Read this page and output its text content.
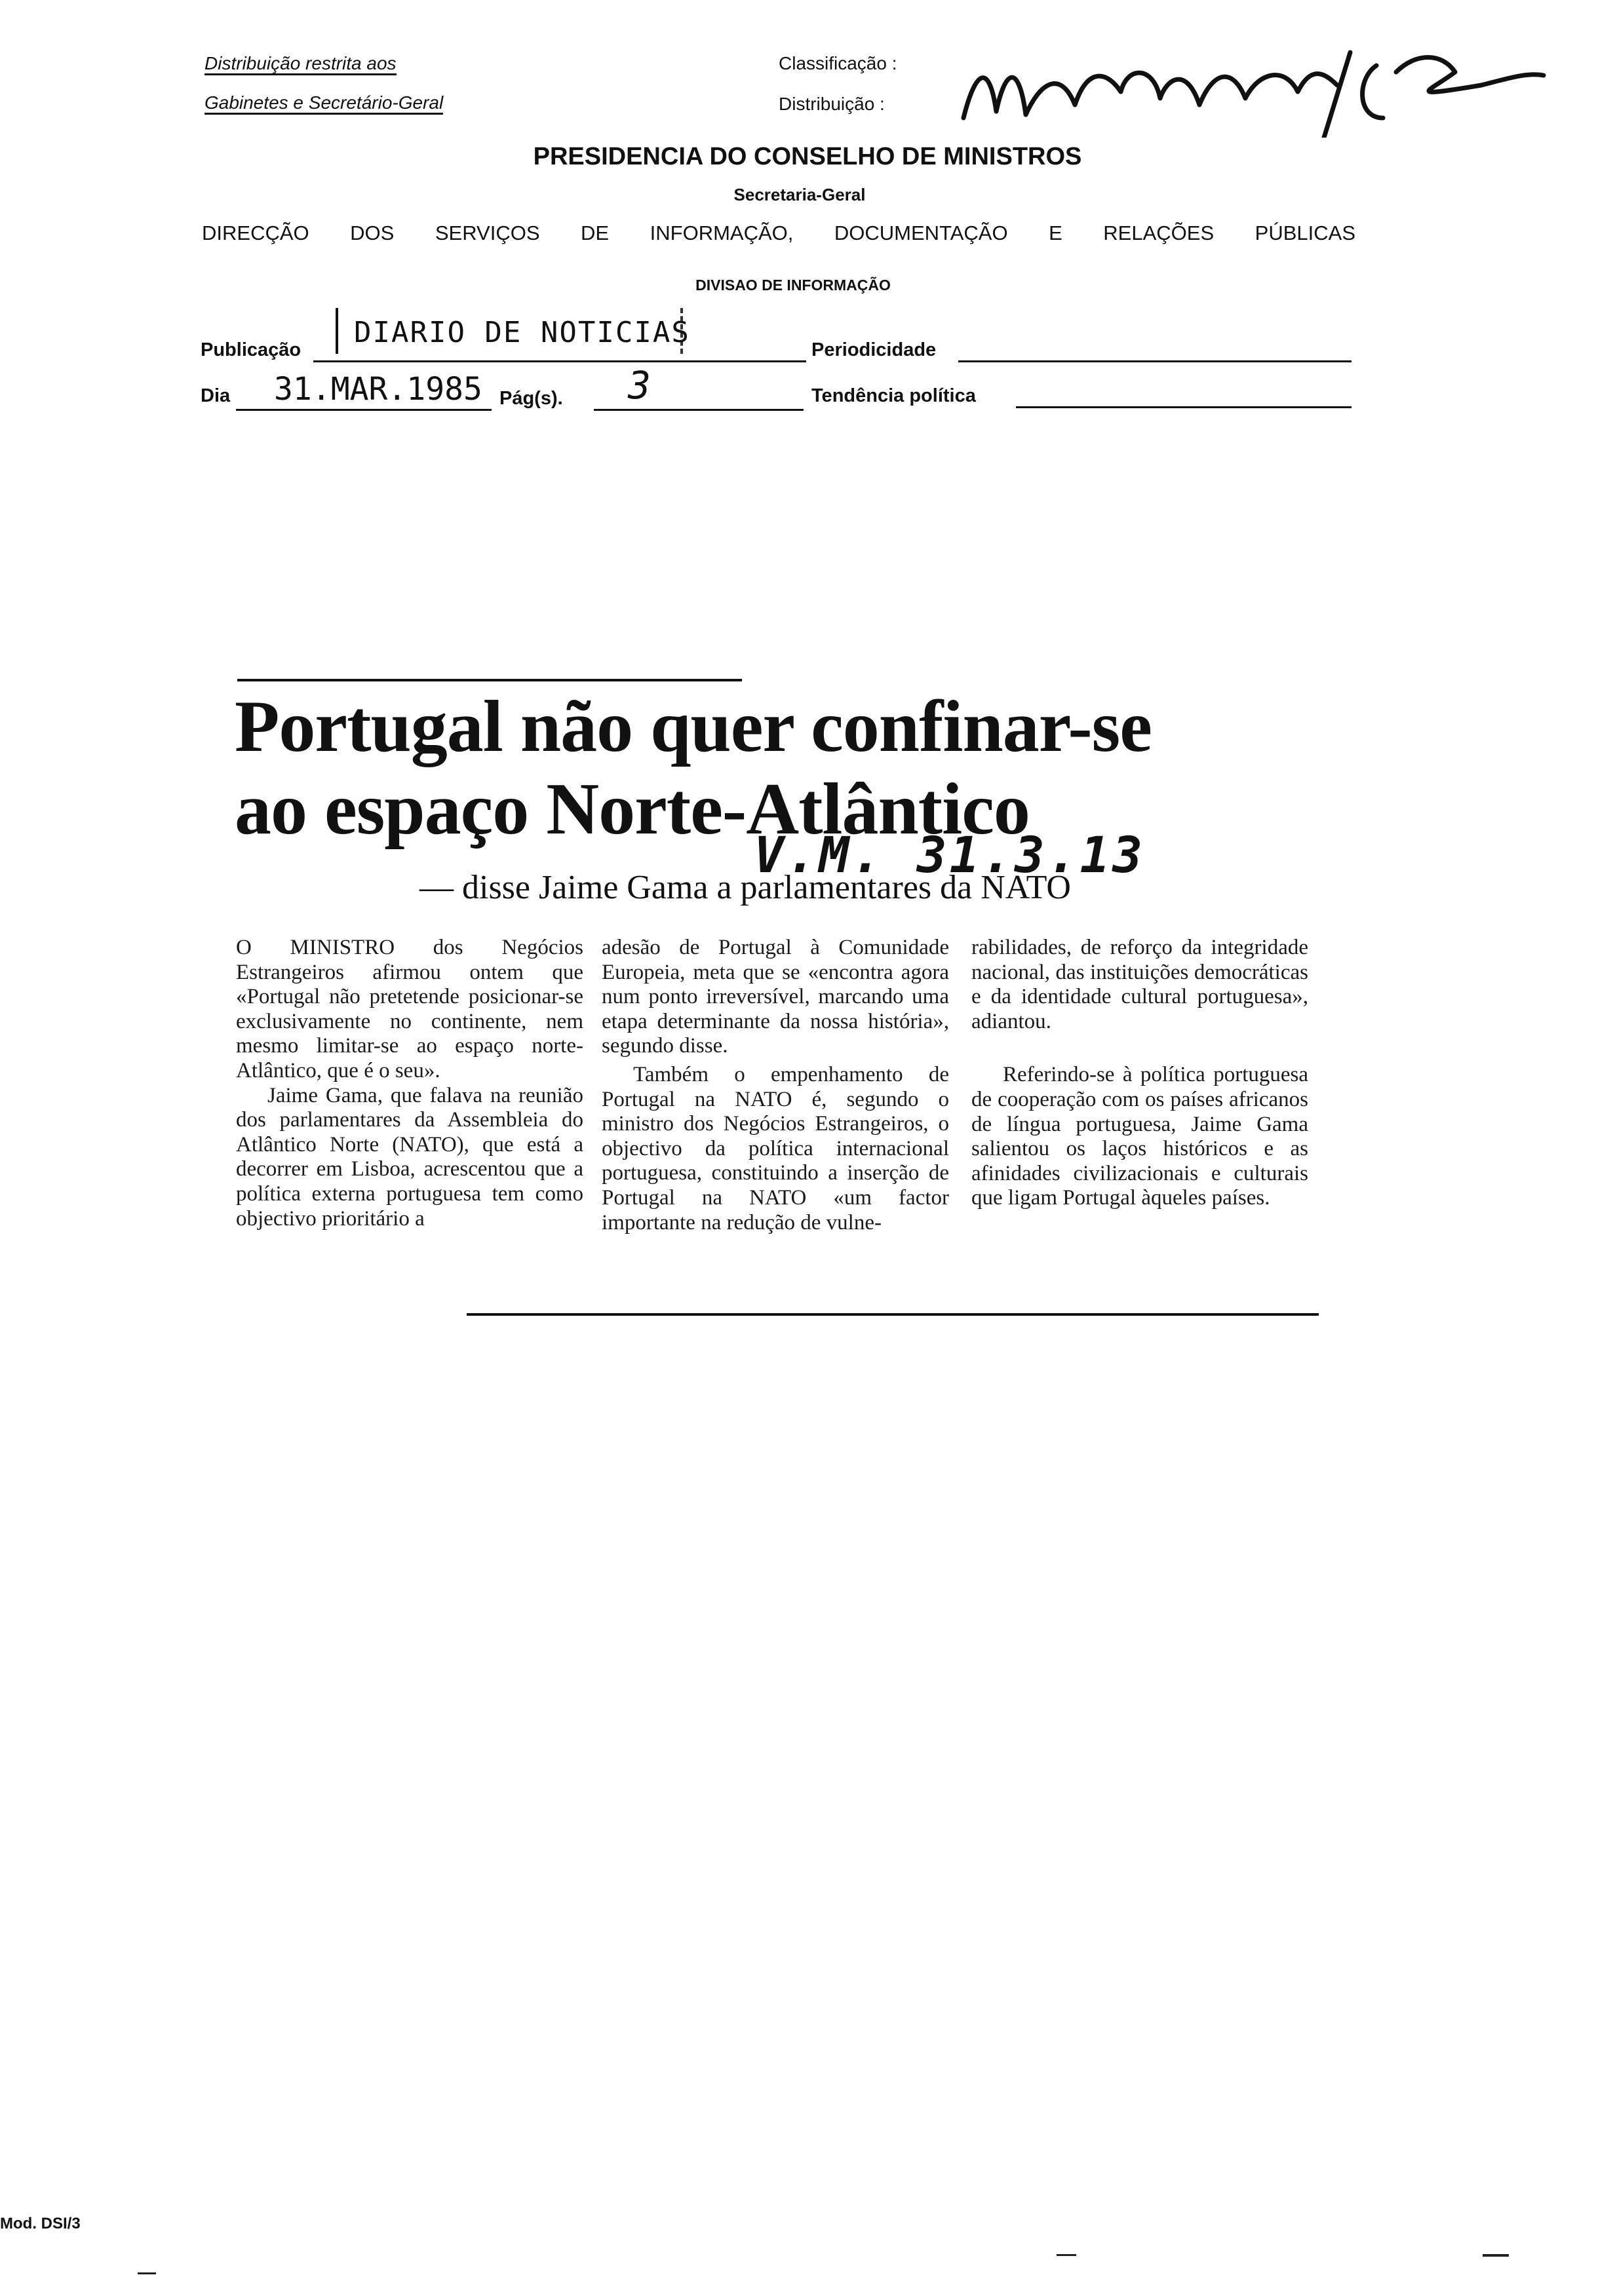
Distribuição restrita aos
Gabinetes e Secretário-Geral
Classificação :
Distribuição :
PRESIDENCIA DO CONSELHO DE MINISTROS
Secretaria-Geral
DIRECÇÃO DOS SERVIÇOS DE INFORMAÇÃO, DOCUMENTAÇÃO E RELAÇÕES PÚBLICAS
DIVISAO DE INFORMAÇÃO
Publicação
DIARIO DE NOTICIAS
Periodicidade
Dia 31.MAR.1985 Pág(s). 3	Tendência política
Portugal não quer confinar-se
ao espaço Norte-Atlântico
V.M. 31.3.13
— disse Jaime Gama a parlamentares da NATO

O MINISTRO dos Negócios Estrangeiros afirmou ontem que «Portugal não pretetende posicionar-se exclusivamente no continente, nem mesmo limitar-se ao espaço norte-Atlântico, que é o seu».

Jaime Gama, que falava na reunião dos parlamentares da Assembleia do Atlântico Norte (NATO), que está a decorrer em Lisboa, acrescentou que a política externa portuguesa tem como objectivo prioritário a

adesão de Portugal à Comunidade Europeia, meta que se «encontra agora num ponto irreversível, marcando uma etapa determinante da nossa história», segundo disse.

Também o empenhamento de Portugal na NATO é, segundo o ministro dos Negócios Estrangeiros, o objectivo da política internacional portuguesa, constituindo a inserção de Portugal na NATO «um factor importante na redução de vulne-

rabilidades, de reforço da integridade nacional, das instituições democráticas e da identidade cultural portuguesa», adiantou.

Referindo-se à política portuguesa de cooperação com os países africanos de língua portuguesa, Jaime Gama salientou os laços históricos e as afinidades civilizacionais e culturais que ligam Portugal àqueles países.

Mod. DSI/3
